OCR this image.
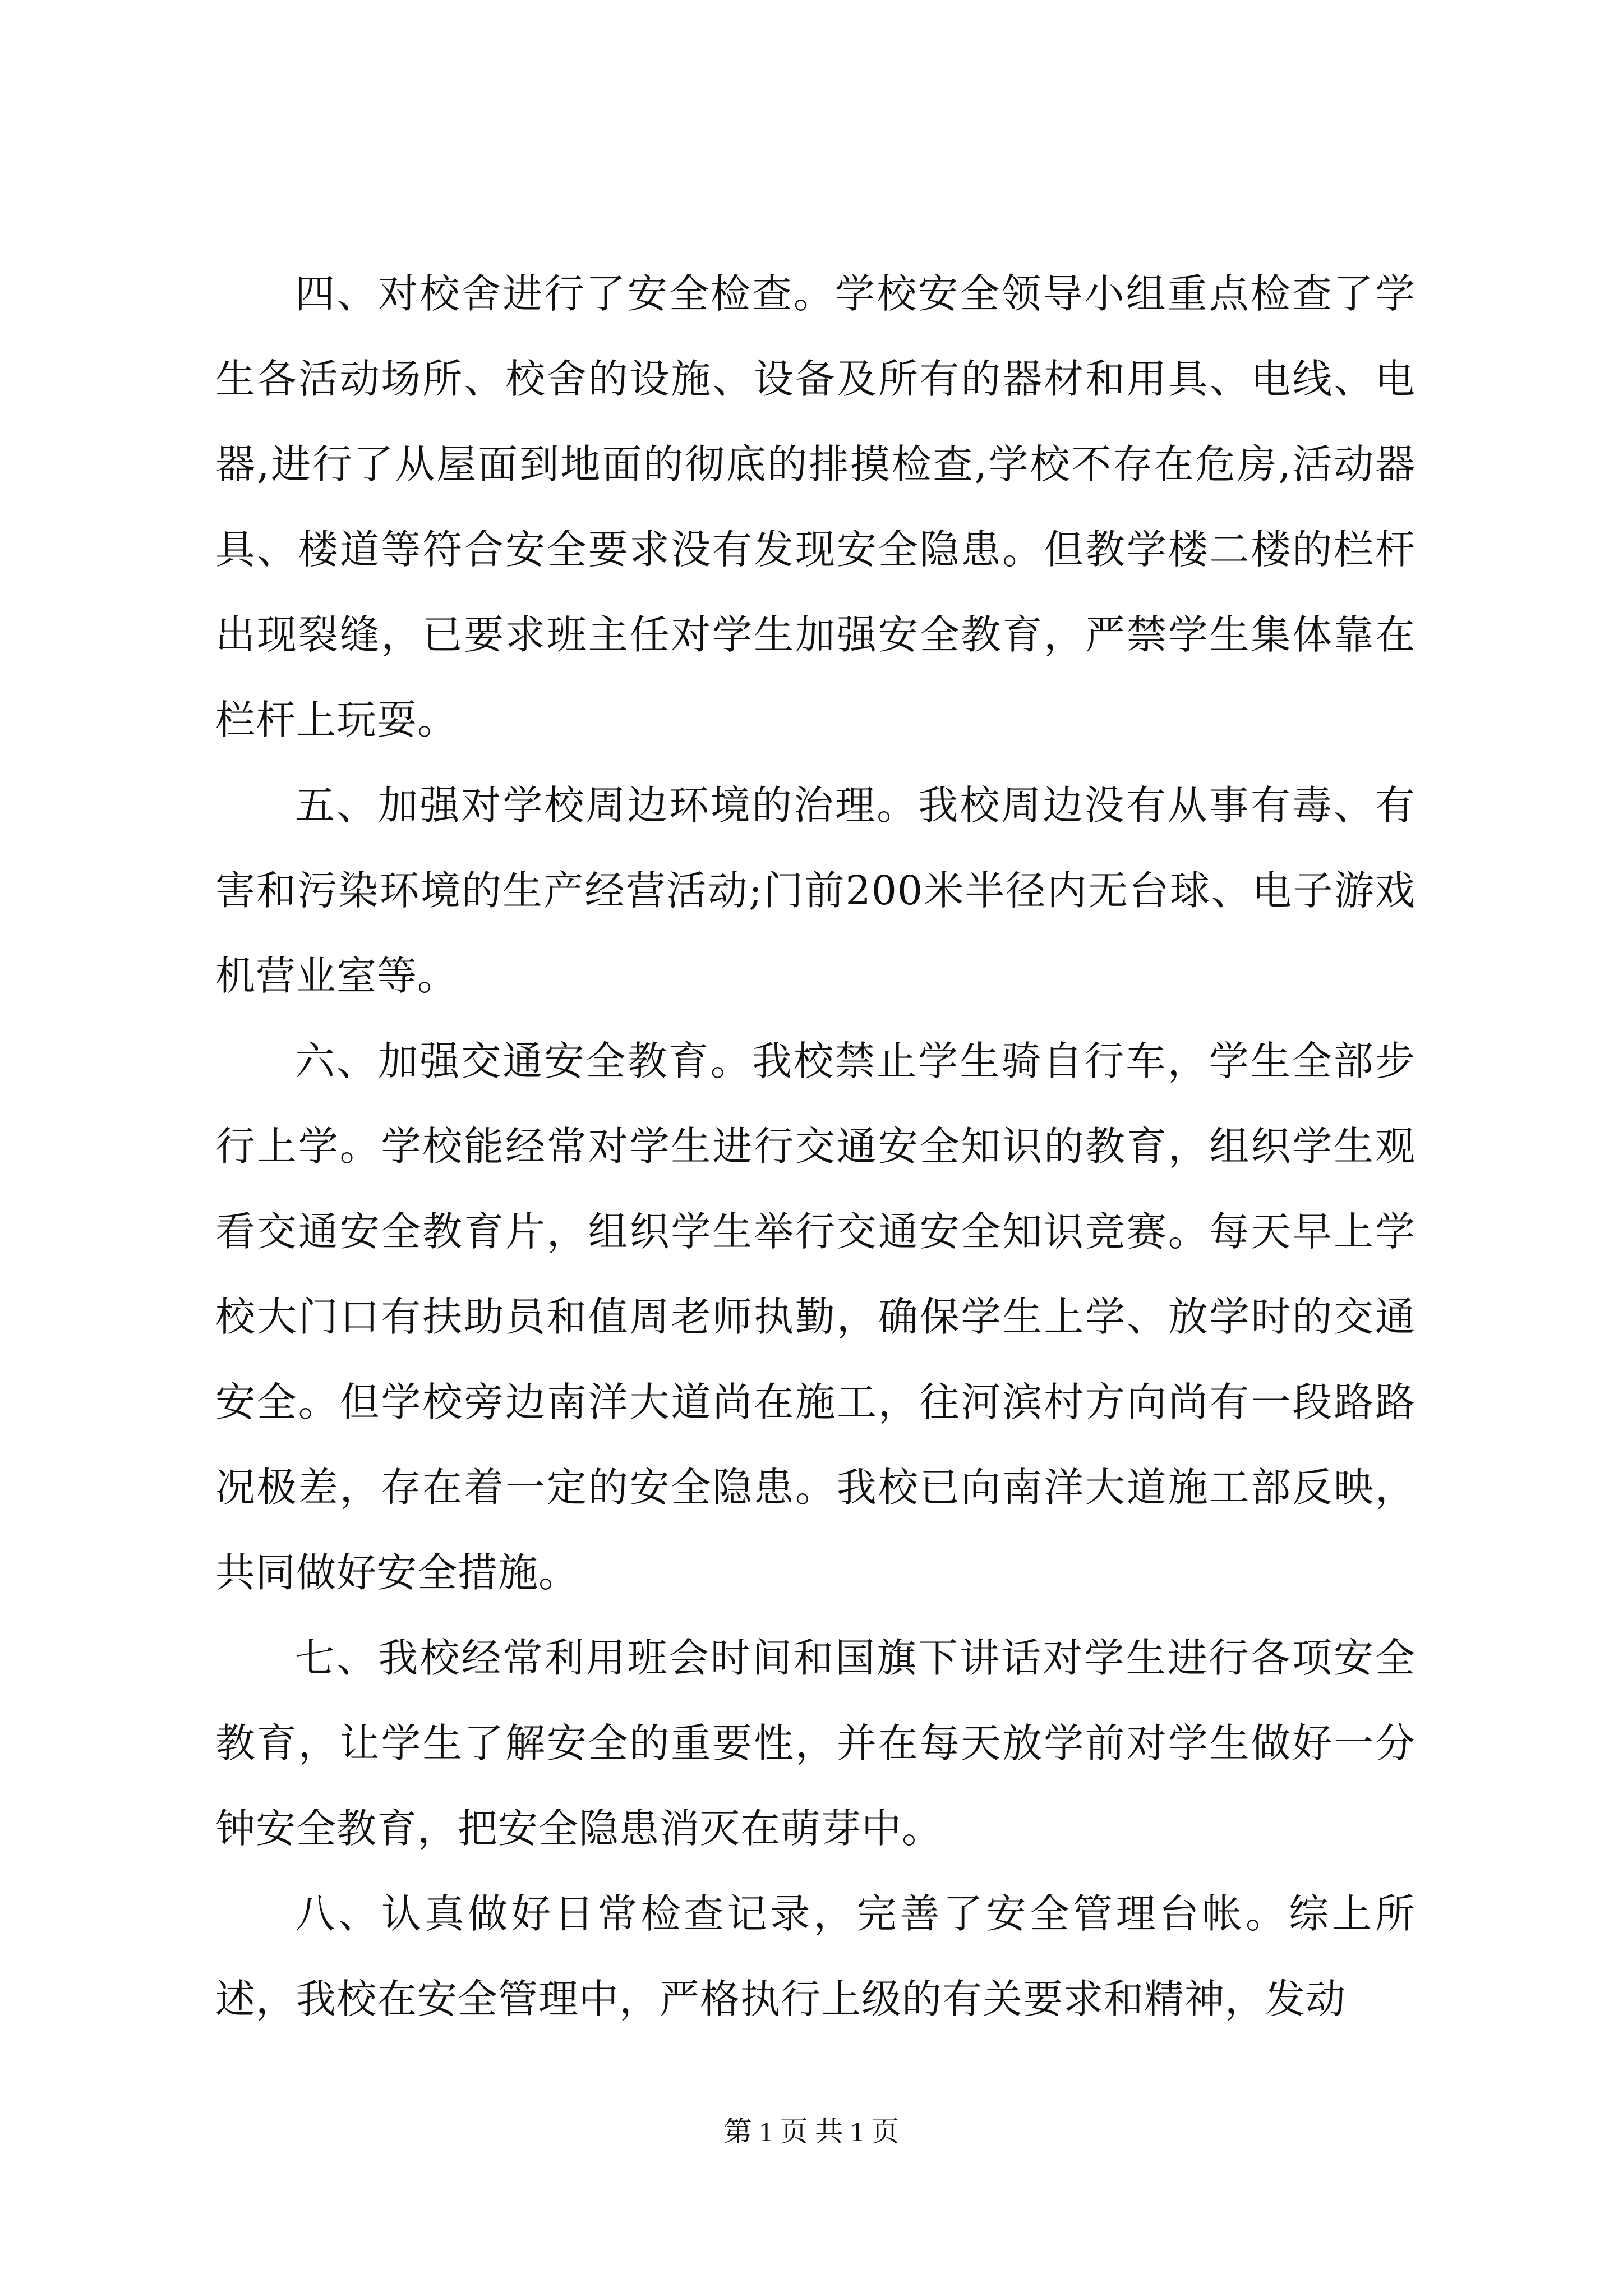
四、对校舍进行了安全检查。学校安全领导小组重点检查了学生各活动场所、校舍的设施、设备及所有的器材和用具、电线、电器,进行了从屋面到地面的彻底的排摸检查,学校不存在危房,活动器具、楼道等符合安全要求没有发现安全隐患。但教学楼二楼的栏杆出现裂缝，已要求班主任对学生加强安全教育，严禁学生集体靠在栏杆上玩耍。

五、加强对学校周边环境的治理。我校周边没有从事有毒、有害和污染环境的生产经营活动;门前200米半径内无台球、电子游戏机营业室等。

六、加强交通安全教育。我校禁止学生骑自行车，学生全部步行上学。学校能经常对学生进行交通安全知识的教育，组织学生观看交通安全教育片，组织学生举行交通安全知识竞赛。每天早上学校大门口有扶助员和值周老师执勤，确保学生上学、放学时的交通安全。但学校旁边南洋大道尚在施工，往河滨村方向尚有一段路路况极差，存在着一定的安全隐患。我校已向南洋大道施工部反映，共同做好安全措施。

七、我校经常利用班会时间和国旗下讲话对学生进行各项安全教育，让学生了解安全的重要性，并在每天放学前对学生做好一分钟安全教育，把安全隐患消灭在萌芽中。

八、认真做好日常检查记录，完善了安全管理台帐。综上所述，我校在安全管理中，严格执行上级的有关要求和精神，发动

第 1 页 共 1 页
